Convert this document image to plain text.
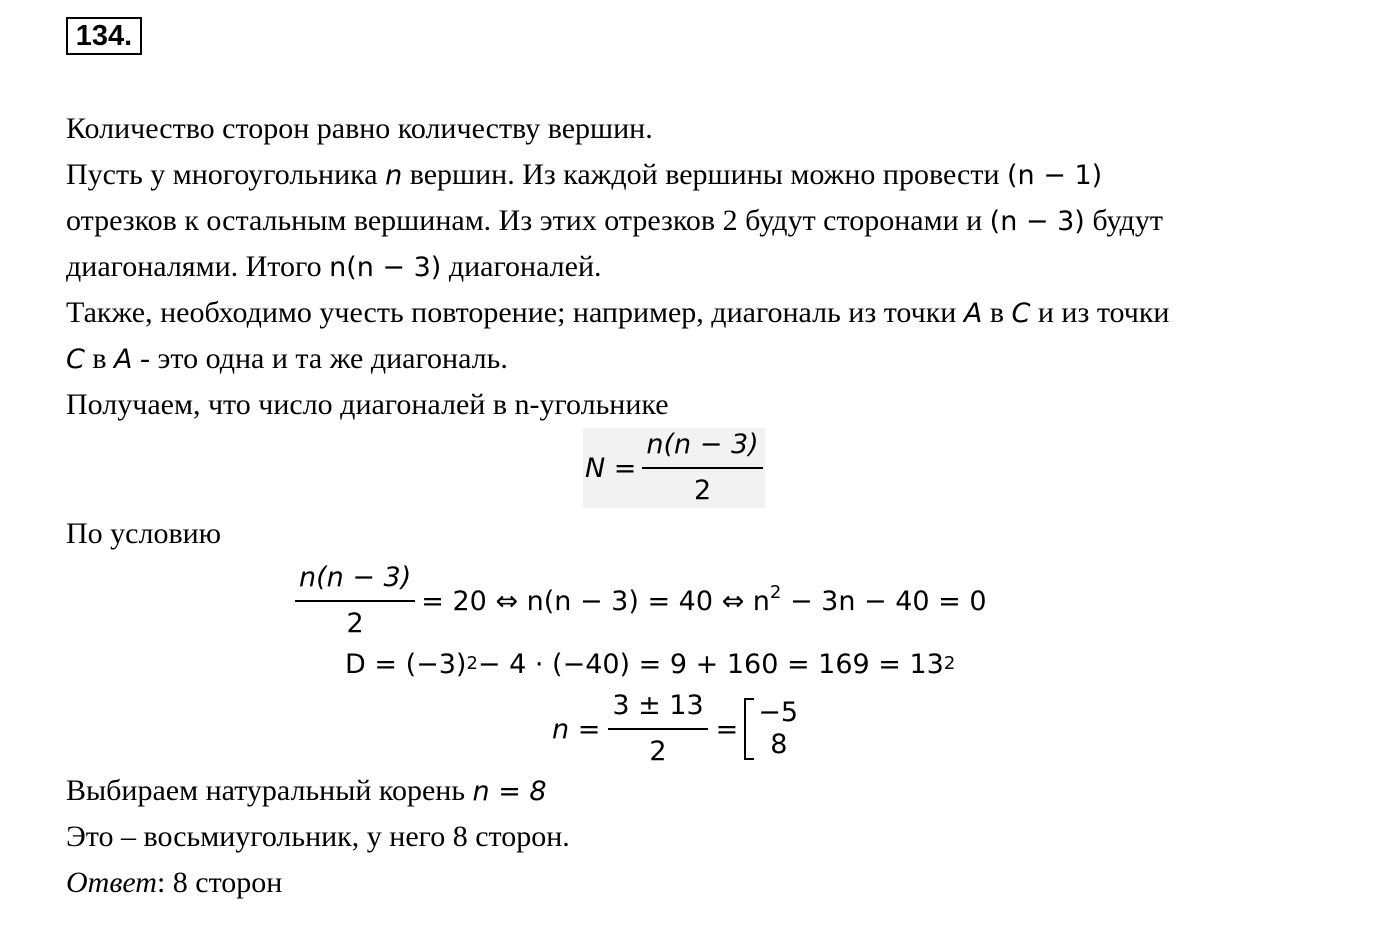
134.
Количество сторон равно количеству вершин.
Пусть у многоугольника n вершин. Из каждой вершины можно провести (n − 1)
отрезков к остальным вершинам. Из этих отрезков 2 будут сторонами и (n − 3) будут
диагоналями. Итого n(n − 3) диагоналей.
Также, необходимо учесть повторение; например, диагональ из точки A в C и из точки
C в A - это одна и та же диагональ.
Получаем, что число диагоналей в n-угольнике
$N = \frac{n(n - 3)}{2}$
По условию
$\frac{n(n - 3)}{2} = 20$ ⇔ n(n − 3) = 40 ⇔ $n^2 - 3n - 40 = 0$
D = (−3) 2 − 4 · (−40) = 9 + 160 = 169 = 13 2
$n = \frac{3 \pm 13}{2}$ =
−5
8
Выбираем натуральный корень n = 8
Это – восьмиугольник, у него 8 сторон.
Ответ: 8 сторон
